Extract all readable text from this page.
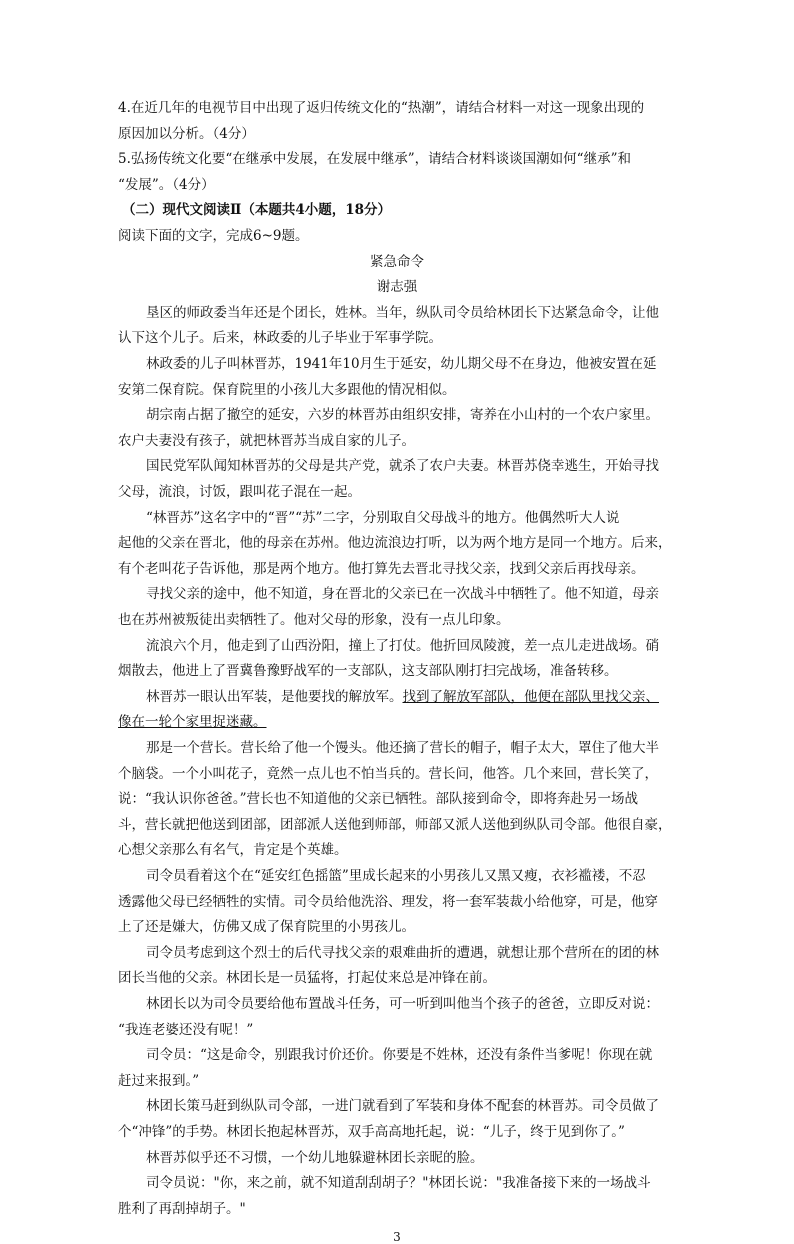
4.在近几年的电视节目中出现了返归传统文化的“热潮”，请结合材料一对这一现象出现的
原因加以分析。（4分）
5.弘扬传统文化要“在继承中发展，在发展中继承”，请结合材料谈谈国潮如何“继承”和
“发展”。（4分）
（二）现代文阅读Ⅱ（本题共4小题，18分）
阅读下面的文字，完成6~9题。
紧急命令
谢志强
垦区的师政委当年还是个团长，姓林。当年，纵队司令员给林团长下达紧急命令，让他
认下这个儿子。后来，林政委的儿子毕业于军事学院。
林政委的儿子叫林晋苏，1941年10月生于延安，幼儿期父母不在身边，他被安置在延
安第二保育院。保育院里的小孩儿大多跟他的情况相似。
胡宗南占据了撤空的延安，六岁的林晋苏由组织安排，寄养在小山村的一个农户家里。
农户夫妻没有孩子，就把林晋苏当成自家的儿子。
国民党军队闻知林晋苏的父母是共产党，就杀了农户夫妻。林晋苏侥幸逃生，开始寻找
父母，流浪，讨饭，跟叫花子混在一起。
“林晋苏”这名字中的“晋”“苏”二字，分别取自父母战斗的地方。他偶然听大人说
起他的父亲在晋北，他的母亲在苏州。他边流浪边打听，以为两个地方是同一个地方。后来，
有个老叫花子告诉他，那是两个地方。他打算先去晋北寻找父亲，找到父亲后再找母亲。
寻找父亲的途中，他不知道，身在晋北的父亲已在一次战斗中牺牲了。他不知道，母亲
也在苏州被叛徒出卖牺牲了。他对父母的形象，没有一点儿印象。
流浪六个月，他走到了山西汾阳，撞上了打仗。他折回凤陵渡，差一点儿走进战场。硝
烟散去，他进上了晋冀鲁豫野战军的一支部队，这支部队刚打扫完战场，准备转移。
林晋苏一眼认出军装，是他要找的解放军。找到了解放军部队，他便在部队里找父亲、
像在一轮个家里捉迷藏。
那是一个营长。营长给了他一个馒头。他还摘了营长的帽子，帽子太大，罩住了他大半
个脑袋。一个小叫花子，竟然一点儿也不怕当兵的。营长问，他答。几个来回，营长笑了，
说：“我认识你爸爸。”营长也不知道他的父亲已牺牲。部队接到命令，即将奔赴另一场战
斗，营长就把他送到团部，团部派人送他到师部，师部又派人送他到纵队司令部。他很自豪，
心想父亲那么有名气，肯定是个英雄。
司令员看着这个在“延安红色摇篮”里成长起来的小男孩儿又黑又瘦，衣衫褴褛，不忍
透露他父母已经牺牲的实情。司令员给他洗浴、理发，将一套军装裁小给他穿，可是，他穿
上了还是嫌大，仿佛又成了保育院里的小男孩儿。
司令员考虑到这个烈士的后代寻找父亲的艰难曲折的遭遇，就想让那个营所在的团的林
团长当他的父亲。林团长是一员猛将，打起仗来总是冲锋在前。
林团长以为司令员要给他布置战斗任务，可一听到叫他当个孩子的爸爸，立即反对说：
“我连老婆还没有呢！”
司令员：“这是命令，别跟我讨价还价。你要是不姓林，还没有条件当爹呢！你现在就
赶过来报到。”
林团长策马赶到纵队司令部，一进门就看到了军装和身体不配套的林晋苏。司令员做了
个“冲锋”的手势。林团长抱起林晋苏，双手高高地托起，说：“儿子，终于见到你了。”
林晋苏似乎还不习惯，一个幼儿地躲避林团长亲昵的脸。
司令员说："你，来之前，就不知道刮刮胡子？"林团长说："我准备接下来的一场战斗
3
胜利了再刮掉胡子。"
